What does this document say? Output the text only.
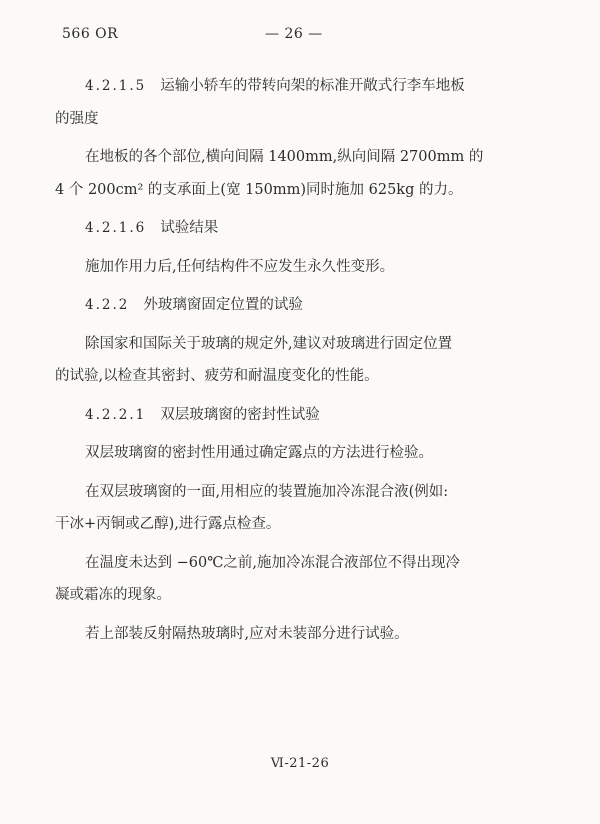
566 OR	— 26 —
4.2.1.5 运输小轿车的带转向架的标准开敞式行李车地板
的强度
在地板的各个部位,横向间隔 1400mm,纵向间隔 2700mm 的
4 个 200cm² 的支承面上(宽 150mm)同时施加 625kg 的力。
4.2.1.6 试验结果
施加作用力后,任何结构件不应发生永久性变形。
4.2.2 外玻璃窗固定位置的试验
除国家和国际关于玻璃的规定外,建议对玻璃进行固定位置
的试验,以检查其密封、疲劳和耐温度变化的性能。
4.2.2.1 双层玻璃窗的密封性试验
双层玻璃窗的密封性用通过确定露点的方法进行检验。
在双层玻璃窗的一面,用相应的装置施加冷冻混合液(例如:
干冰+丙铜或乙醇),进行露点检查。
在温度未达到 −60℃之前,施加冷冻混合液部位不得出现冷
凝或霜冻的现象。
若上部装反射隔热玻璃时,应对未装部分进行试验。
Ⅵ-21-26
